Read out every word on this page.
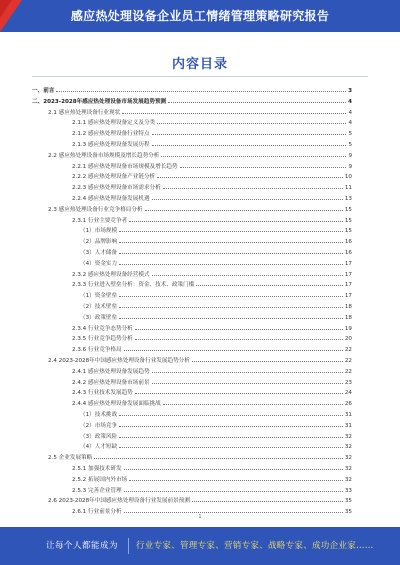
感应热处理设备企业员工情绪管理策略研究报告
内容目录
一、前言	3
二、2023-2028年感应热处理设备市场发展趋势预测	4
2.1 感应热处理设备行业现状	4
2.1.1 感应热处理设备定义及分类	4
2.1.2 感应热处理设备行业特点	5
2.1.3 感应热处理设备发展历程	5
2.2 感应热处理设备市场规模及增长趋势分析	9
2.2.1 感应热处理设备市场规模及增长趋势	9
2.2.2 感应热处理设备产业链分析	10
2.2.3 感应热处理设备市场需求分析	11
2.2.4 感应热处理设备发展机遇	13
2.3 感应热处理设备行业竞争格局分析	15
2.3.1 行业主要竞争者	15
（1）市场规模	15
（2）品牌影响	16
（3）人才储备	16
（4）资金实力	17
2.3.2 感应热处理设备经营模式	17
2.3.3 行业进入壁垒分析：资金、技术、政策门槛	17
（1）资金壁垒	17
（2）技术壁垒	18
（3）政策壁垒	18
2.3.4 行业竞争态势分析	19
2.3.5 行业竞争趋势分析	20
2.3.6 行业竞争格局	22
2.4 2023-2028年中国感应热处理设备行业发展趋势分析	22
2.4.1 感应热处理设备发展趋势	22
2.4.2 感应热处理设备市场前景	23
2.4.3 行业技术发展趋势	24
2.4.4 感应热处理设备发展面临挑战	26
（1）技术挑战	31
（2）市场竞争	31
（3）政策风险	32
（4）人才短缺	32
2.5 企业发展策略	32
2.5.1 加强技术研发	32
2.5.2 拓展国内外市场	32
2.5.3 完善企业管理	33
2.6 2023-2028年中国感应热处理设备行业发展前景预测	35
2.6.1 行业前景分析	35
1
让每个人都能成为 行业专家、管理专家、营销专家、战略专家、成功企业家……
